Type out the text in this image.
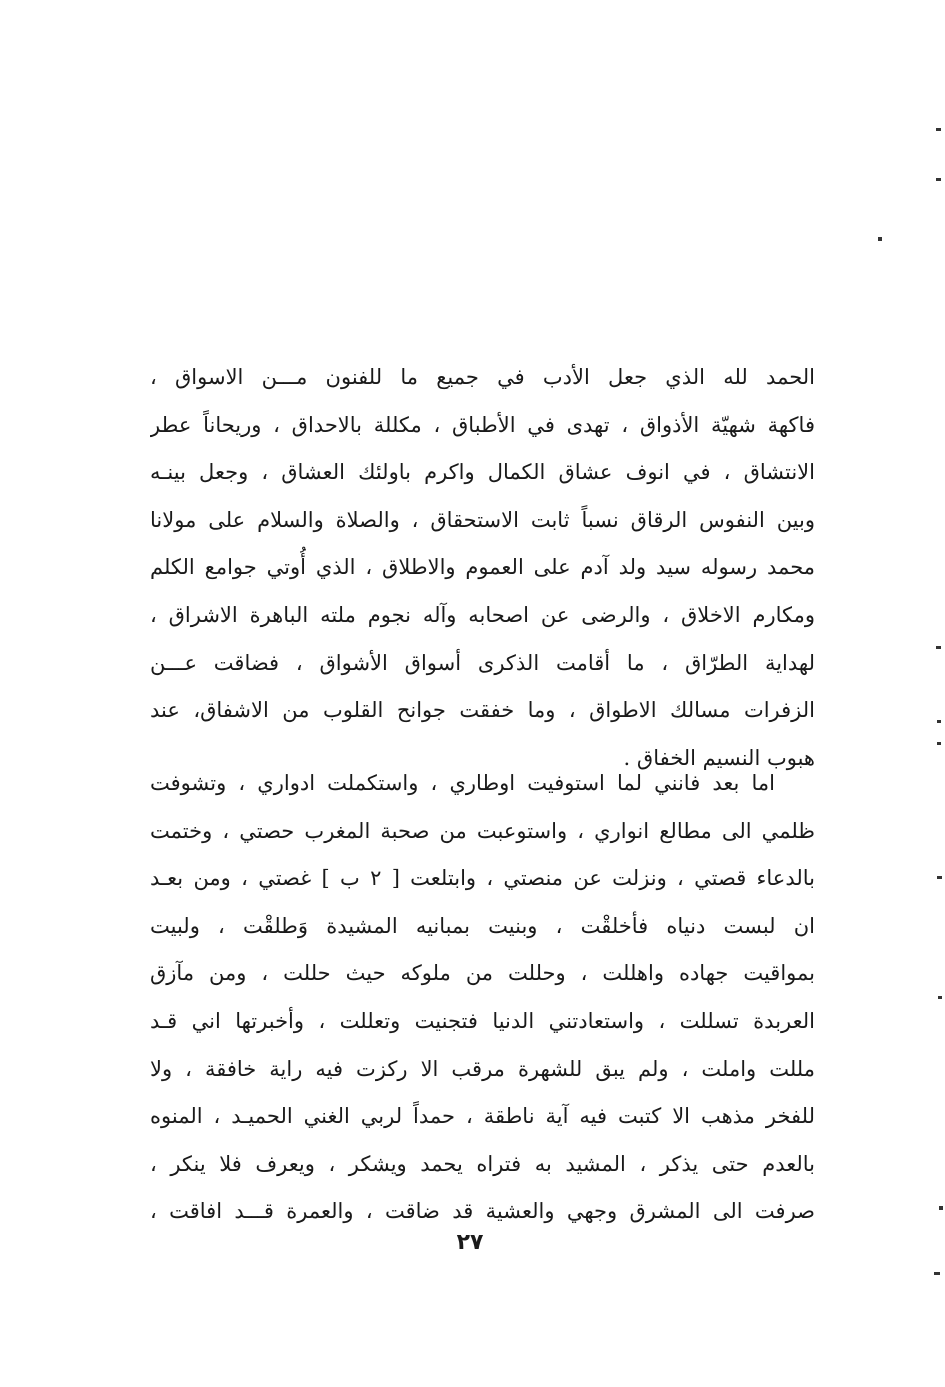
الحمد لله الذي جعل الأدب في جميع ما للفنون مـــن الاسواق ،
فاكهة شهيّة الأذواق ، تهدى في الأطباق ، مكللة بالاحداق ، وريحاناً عطر
الانتشاق ، في انوف عشاق الكمال واكرم باولئك العشاق ، وجعل بينـه
وبين النفوس الرقاق نسباً ثابت الاستحقاق ، والصلاة والسلام على مولانا
محمد رسوله سيد ولد آدم على العموم والاطلاق ، الذي أُوتي جوامع الكلم
ومكارم الاخلاق ، والرضى عن اصحابه وآله نجوم ملته الباهرة الاشراق ،
لهداية الطرّاق ، ما أقامت الذكرى أسواق الأشواق ، فضاقت عـــن
الزفرات مسالك الاطواق ، وما خفقت جوانح القلوب من الاشفاق، عند
هبوب النسيم الخفاق .
اما بعد فانني لما استوفيت اوطاري ، واستكملت ادواري ، وتشوفت
ظلمي الى مطالع انواري ، واستوعبت من صحبة المغرب حصتي ، وختمت
بالدعاء قصتي ، ونزلت عن منصتي ، وابتلعت [ ٢ ب ] غصتي ، ومن بعـد
ان لبست دنياه فأخلقْت ، وبنيت بمبانيه المشيدة وَطلقْت ، ولبيت
بمواقيت جهاده واهللت ، وحللت من ملوكه حيث حللت ، ومن مآزق
العربدة تسللت ، واستعادتني الدنيا فتجنيت وتعللت ، وأخبرتها اني قـد
مللت واملت ، ولم يبق للشهرة مرقب الا ركزت فيه راية خافقة ، ولا
للفخر مذهب الا كتبت فيه آية ناطقة ، حمداً لربي الغني الحميـد ، المنوه
بالعدم حتى يذكر ، المشيد به فتراه يحمد ويشكر ، ويعرف فلا ينكر ،
صرفت الى المشرق وجهي والعشية قد ضاقت ، والعمرة قـــد افاقت ،
٢٧
